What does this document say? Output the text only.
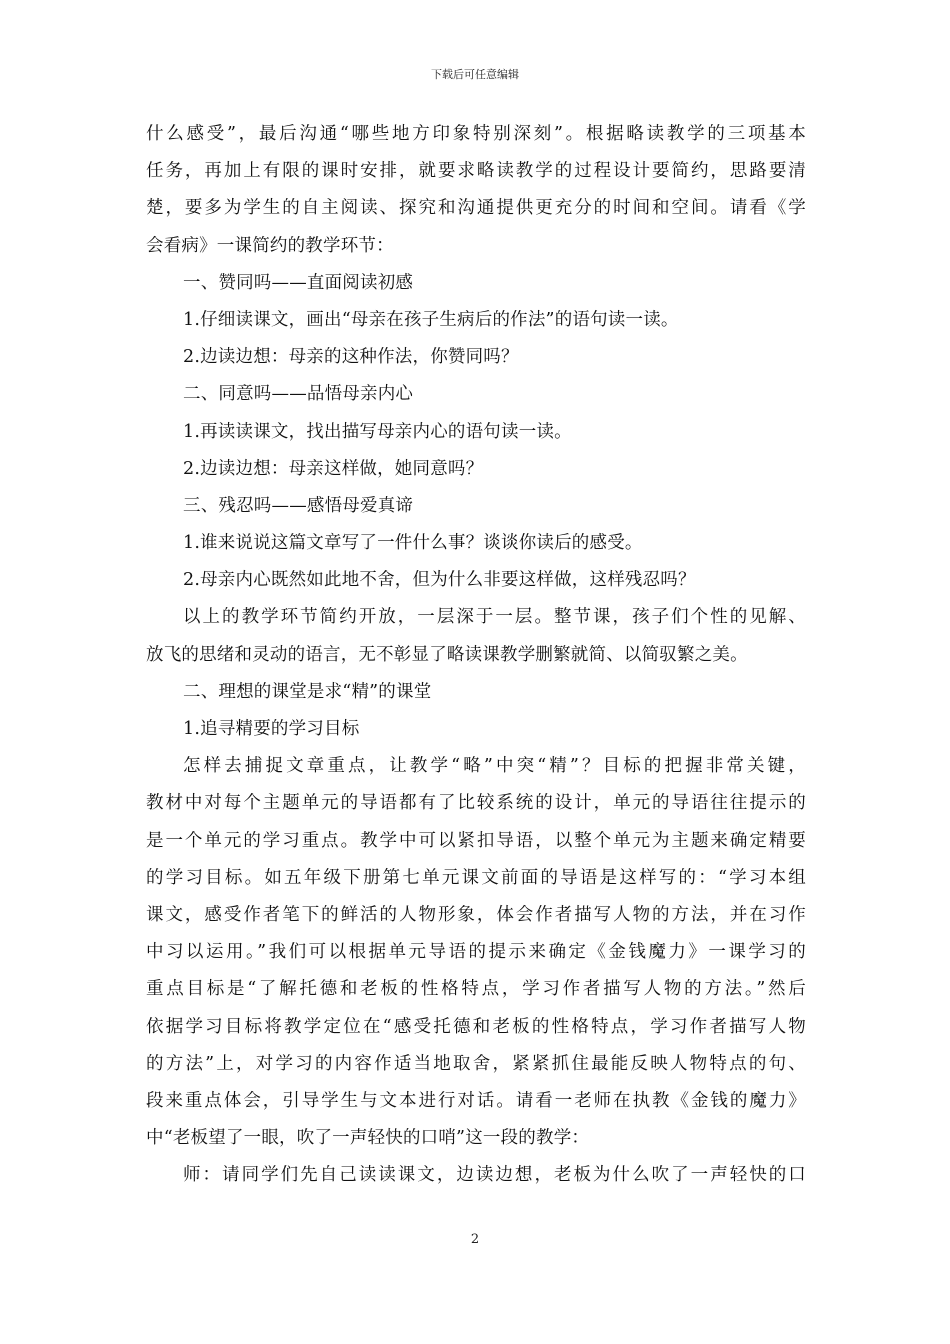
下载后可任意编辑
什么感受”，最后沟通“哪些地方印象特别深刻”。根据略读教学的三项基本
任务，再加上有限的课时安排，就要求略读教学的过程设计要简约，思路要清
楚，要多为学生的自主阅读、探究和沟通提供更充分的时间和空间。请看《学
会看病》一课简约的教学环节：
一、赞同吗——直面阅读初感
1.仔细读课文，画出“母亲在孩子生病后的作法”的语句读一读。
2.边读边想：母亲的这种作法，你赞同吗？
二、同意吗——品悟母亲内心
1.再读读课文，找出描写母亲内心的语句读一读。
2.边读边想：母亲这样做，她同意吗？
三、残忍吗——感悟母爱真谛
1.谁来说说这篇文章写了一件什么事？谈谈你读后的感受。
2.母亲内心既然如此地不舍，但为什么非要这样做，这样残忍吗？
以上的教学环节简约开放，一层深于一层。整节课，孩子们个性的见解、
放飞的思绪和灵动的语言，无不彰显了略读课教学删繁就简、以简驭繁之美。
二、理想的课堂是求“精”的课堂
1.追寻精要的学习目标
怎样去捕捉文章重点，让教学“略”中突“精”？目标的把握非常关键，
教材中对每个主题单元的导语都有了比较系统的设计，单元的导语往往提示的
是一个单元的学习重点。教学中可以紧扣导语，以整个单元为主题来确定精要
的学习目标。如五年级下册第七单元课文前面的导语是这样写的：“学习本组
课文，感受作者笔下的鲜活的人物形象，体会作者描写人物的方法，并在习作
中习以运用。”我们可以根据单元导语的提示来确定《金钱魔力》一课学习的
重点目标是“了解托德和老板的性格特点，学习作者描写人物的方法。”然后
依据学习目标将教学定位在“感受托德和老板的性格特点，学习作者描写人物
的方法”上，对学习的内容作适当地取舍，紧紧抓住最能反映人物特点的句、
段来重点体会，引导学生与文本进行对话。请看一老师在执教《金钱的魔力》
中“老板望了一眼，吹了一声轻快的口哨”这一段的教学：
师：请同学们先自己读读课文，边读边想，老板为什么吹了一声轻快的口
2
